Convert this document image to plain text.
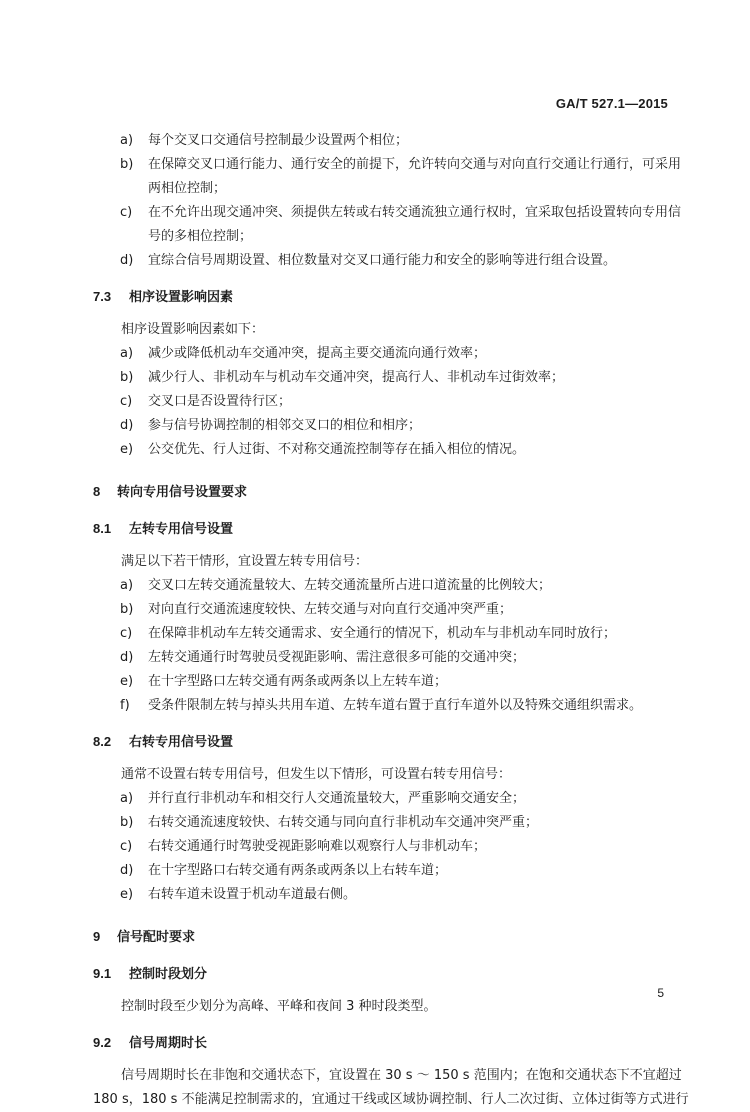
GA/T 527.1—2015
a) 每个交叉口交通信号控制最少设置两个相位；
b) 在保障交叉口通行能力、通行安全的前提下，允许转向交通与对向直行交通让行通行，可采用
两相位控制；
c) 在不允许出现交通冲突、须提供左转或右转交通流独立通行权时，宜采取包括设置转向专用信
号的多相位控制；
d) 宜综合信号周期设置、相位数量对交叉口通行能力和安全的影响等进行组合设置。
7.3 相序设置影响因素
相序设置影响因素如下：
a) 减少或降低机动车交通冲突，提高主要交通流向通行效率；
b) 减少行人、非机动车与机动车交通冲突，提高行人、非机动车过街效率；
c) 交叉口是否设置待行区；
d) 参与信号协调控制的相邻交叉口的相位和相序；
e) 公交优先、行人过街、不对称交通流控制等存在插入相位的情况。
8 转向专用信号设置要求
8.1 左转专用信号设置
满足以下若干情形，宜设置左转专用信号：
a) 交叉口左转交通流量较大、左转交通流量所占进口道流量的比例较大；
b) 对向直行交通流速度较快、左转交通与对向直行交通冲突严重；
c) 在保障非机动车左转交通需求、安全通行的情况下，机动车与非机动车同时放行；
d) 左转交通通行时驾驶员受视距影响、需注意很多可能的交通冲突；
e) 在十字型路口左转交通有两条或两条以上左转车道；
f) 受条件限制左转与掉头共用车道、左转车道右置于直行车道外以及特殊交通组织需求。
8.2 右转专用信号设置
通常不设置右转专用信号，但发生以下情形，可设置右转专用信号：
a) 并行直行非机动车和相交行人交通流量较大，严重影响交通安全；
b) 右转交通流速度较快、右转交通与同向直行非机动车交通冲突严重；
c) 右转交通通行时驾驶受视距影响难以观察行人与非机动车；
d) 在十字型路口右转交通有两条或两条以上右转车道；
e) 右转车道未设置于机动车道最右侧。
9 信号配时要求
9.1 控制时段划分
控制时段至少划分为高峰、平峰和夜间 3 种时段类型。
9.2 信号周期时长
信号周期时长在非饱和交通状态下，宜设置在 30 s ～ 150 s 范围内；在饱和交通状态下不宜超过
180 s，180 s 不能满足控制需求的，宜通过干线或区域协调控制、行人二次过街、立体过街等方式进行
5
